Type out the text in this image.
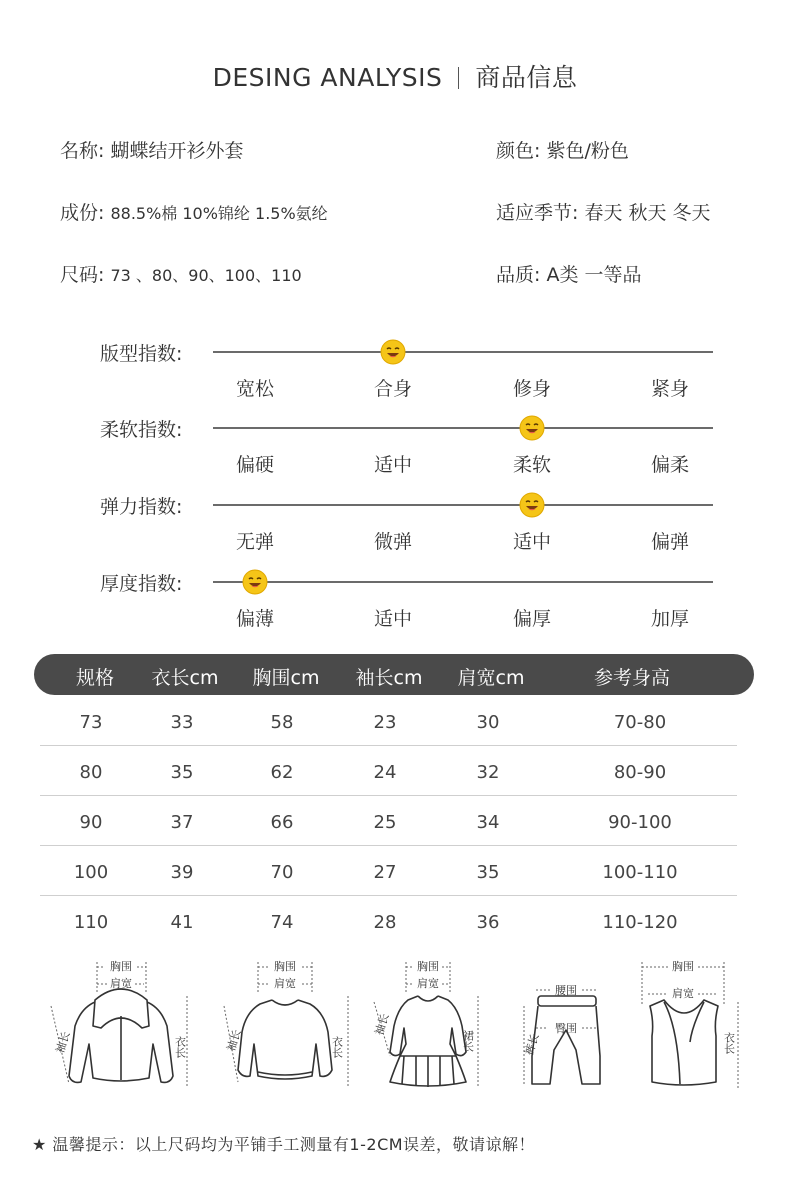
DESING ANALYSIS 商品信息
名称: 蝴蝶结开衫外套	颜色: 紫色/粉色
成份: 88.5%棉 10%锦纶 1.5%氨纶	适应季节: 春天 秋天 冬天
尺码: 73 、80、90、100、110	品质: A类 一等品
版型指数:
宽松	合身	修身	紧身
柔软指数:
偏硬	适中	柔软	偏柔
弹力指数:
无弹	微弹	适中	偏弹
厚度指数:
偏薄	适中	偏厚	加厚
规格	衣长cm	胸围cm	袖长cm	肩宽cm	参考身高
73	33	58	23	30	70-80
80	35	62	24	32	80-90
90	37	66	25	34	90-100
100	39	70	27	35	100-110
110	41	74	28	36	110-120
胸围
肩宽
袖长	衣长
胸围
肩宽
袖长	衣长
胸围
肩宽
袖长
裙长
腰围
臀围
裤长
胸围
肩宽
衣长
★ 温馨提示：以上尺码均为平铺手工测量有1-2CM误差，敬请谅解！
